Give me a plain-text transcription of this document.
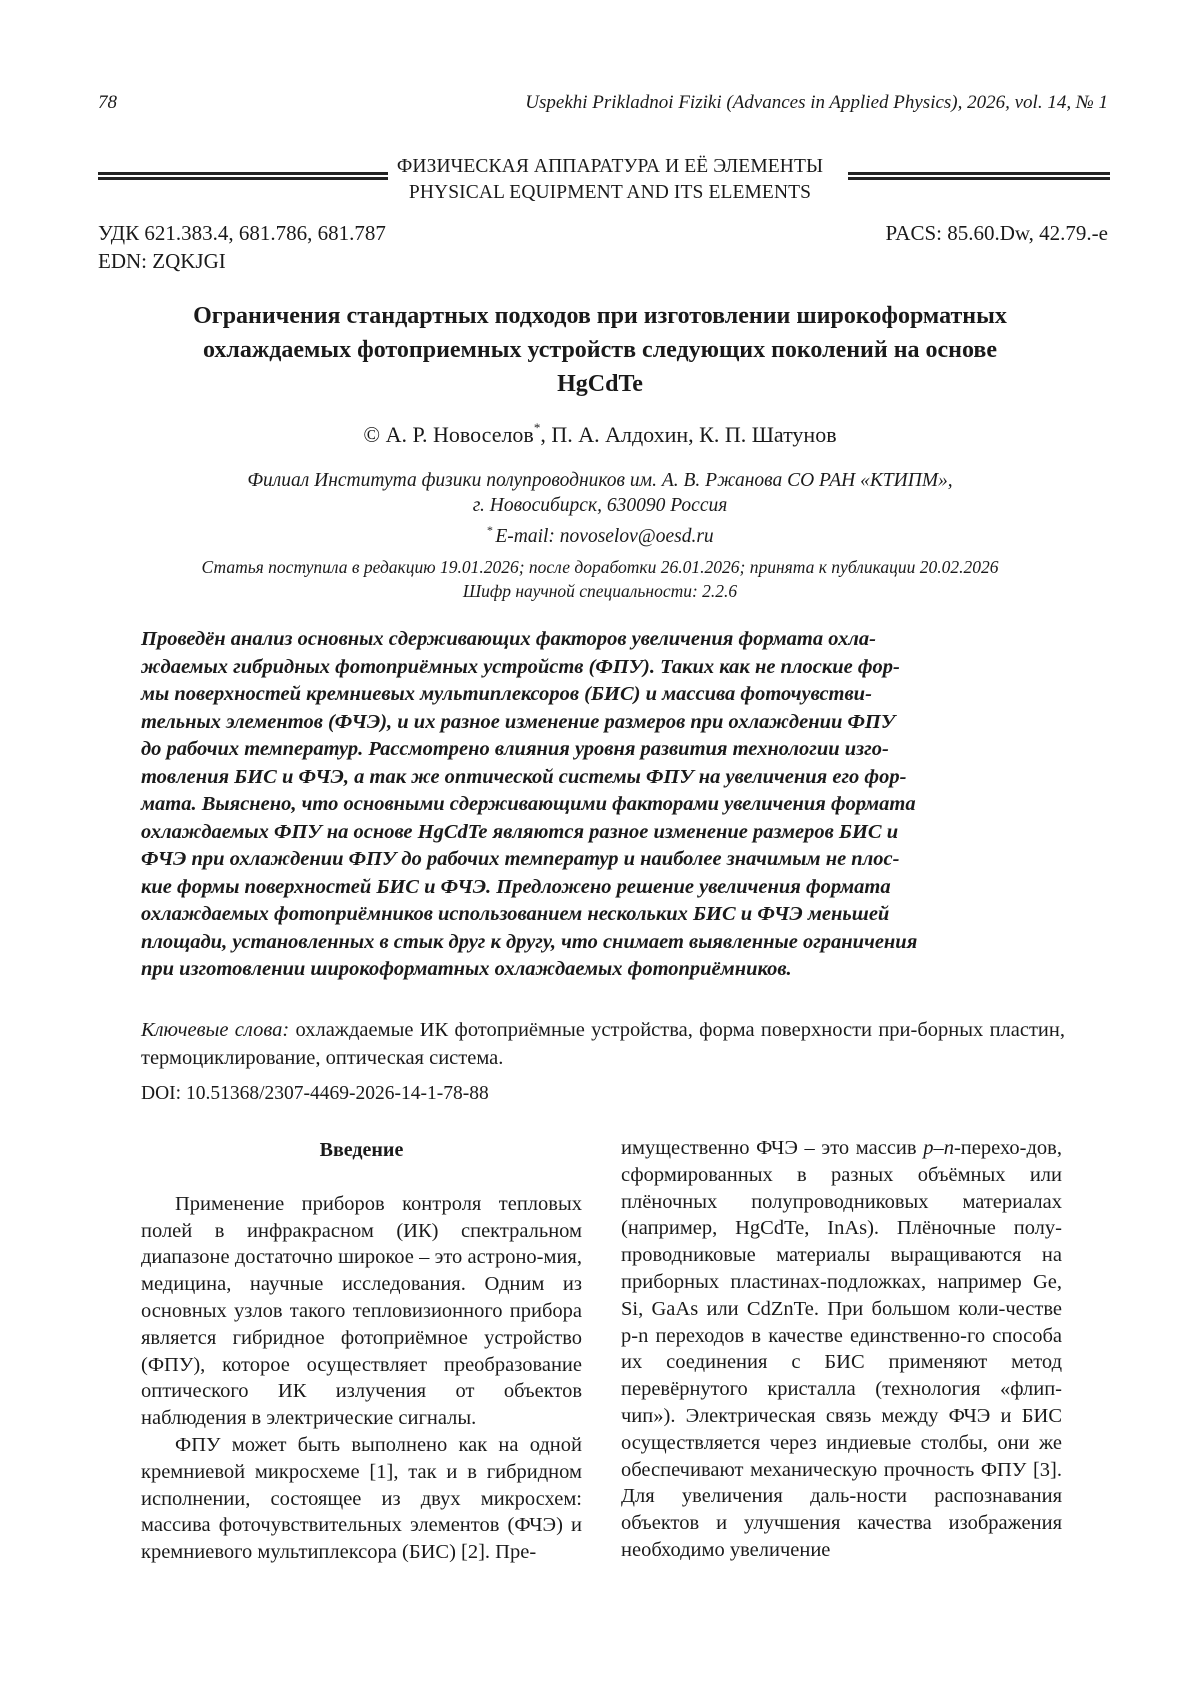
78	Uspekhi Prikladnoi Fiziki (Advances in Applied Physics), 2026, vol. 14, № 1
ФИЗИЧЕСКАЯ АППАРАТУРА И ЕЁ ЭЛЕМЕНТЫ
PHYSICAL EQUIPMENT AND ITS ELEMENTS
УДК 621.383.4, 681.786, 681.787
EDN: ZQKJGI
PACS: 85.60.Dw, 42.79.-e
Ограничения стандартных подходов при изготовлении широкоформатных
охлаждаемых фотоприемных устройств следующих поколений на основе
HgCdTe
© А. Р. Новоселов*, П. А. Алдохин, К. П. Шатунов
Филиал Института физики полупроводников им. А. В. Ржанова СО РАН «КТИПМ»,
г. Новосибирск, 630090 Россия
* E-mail: novoselov@oesd.ru
Статья поступила в редакцию 19.01.2026; после доработки 26.01.2026; принята к публикации 20.02.2026
Шифр научной специальности: 2.2.6
Проведён анализ основных сдерживающих факторов увеличения формата охла-
ждаемых гибридных фотоприёмных устройств (ФПУ). Таких как не плоские фор-
мы поверхностей кремниевых мультиплексоров (БИС) и массива фоточувстви-
тельных элементов (ФЧЭ), и их разное изменение размеров при охлаждении ФПУ
до рабочих температур. Рассмотрено влияния уровня развития технологии изго-
товления БИС и ФЧЭ, а так же оптической системы ФПУ на увеличения его фор-
мата. Выяснено, что основными сдерживающими факторами увеличения формата
охлаждаемых ФПУ на основе HgCdTe являются разное изменение размеров БИС и
ФЧЭ при охлаждении ФПУ до рабочих температур и наиболее значимым не плос-
кие формы поверхностей БИС и ФЧЭ. Предложено решение увеличения формата
охлаждаемых фотоприёмников использованием нескольких БИС и ФЧЭ меньшей
площади, установленных в стык друг к другу, что снимает выявленные ограничения
при изготовлении широкоформатных охлаждаемых фотоприёмников.
Ключевые слова: охлаждаемые ИК фотоприёмные устройства, форма поверхности при-борных пластин, термоциклирование, оптическая система.
DOI: 10.51368/2307-4469-2026-14-1-78-88
Введение

Применение приборов контроля тепловых полей в инфракрасном (ИК) спектральном диапазоне достаточно широкое – это астроно-мия, медицина, научные исследования. Одним из основных узлов такого тепловизионного прибора является гибридное фотоприёмное устройство (ФПУ), которое осуществляет преобразование оптического ИК излучения от объектов наблюдения в электрические сигналы.

ФПУ может быть выполнено как на одной кремниевой микросхеме [1], так и в гибридном исполнении, состоящее из двух микросхем: массива фоточувствительных элементов (ФЧЭ) и кремниевого мультиплексора (БИС) [2]. Пре-

имущественно ФЧЭ – это массив p–n-перехо-дов, сформированных в разных объёмных или плёночных полупроводниковых материалах (например, HgCdTe, InAs). Плёночные полу-проводниковые материалы выращиваются на приборных пластинах-подложках, например Ge, Si, GaAs или CdZnTe. При большом коли-честве p-n переходов в качестве единственно-го способа их соединения с БИС применяют метод перевёрнутого кристалла (технология «флип-чип»). Электрическая связь между ФЧЭ и БИС осуществляется через индиевые столбы, они же обеспечивают механическую прочность ФПУ [3]. Для увеличения даль-ности распознавания объектов и улучшения качества изображения необходимо увеличение
